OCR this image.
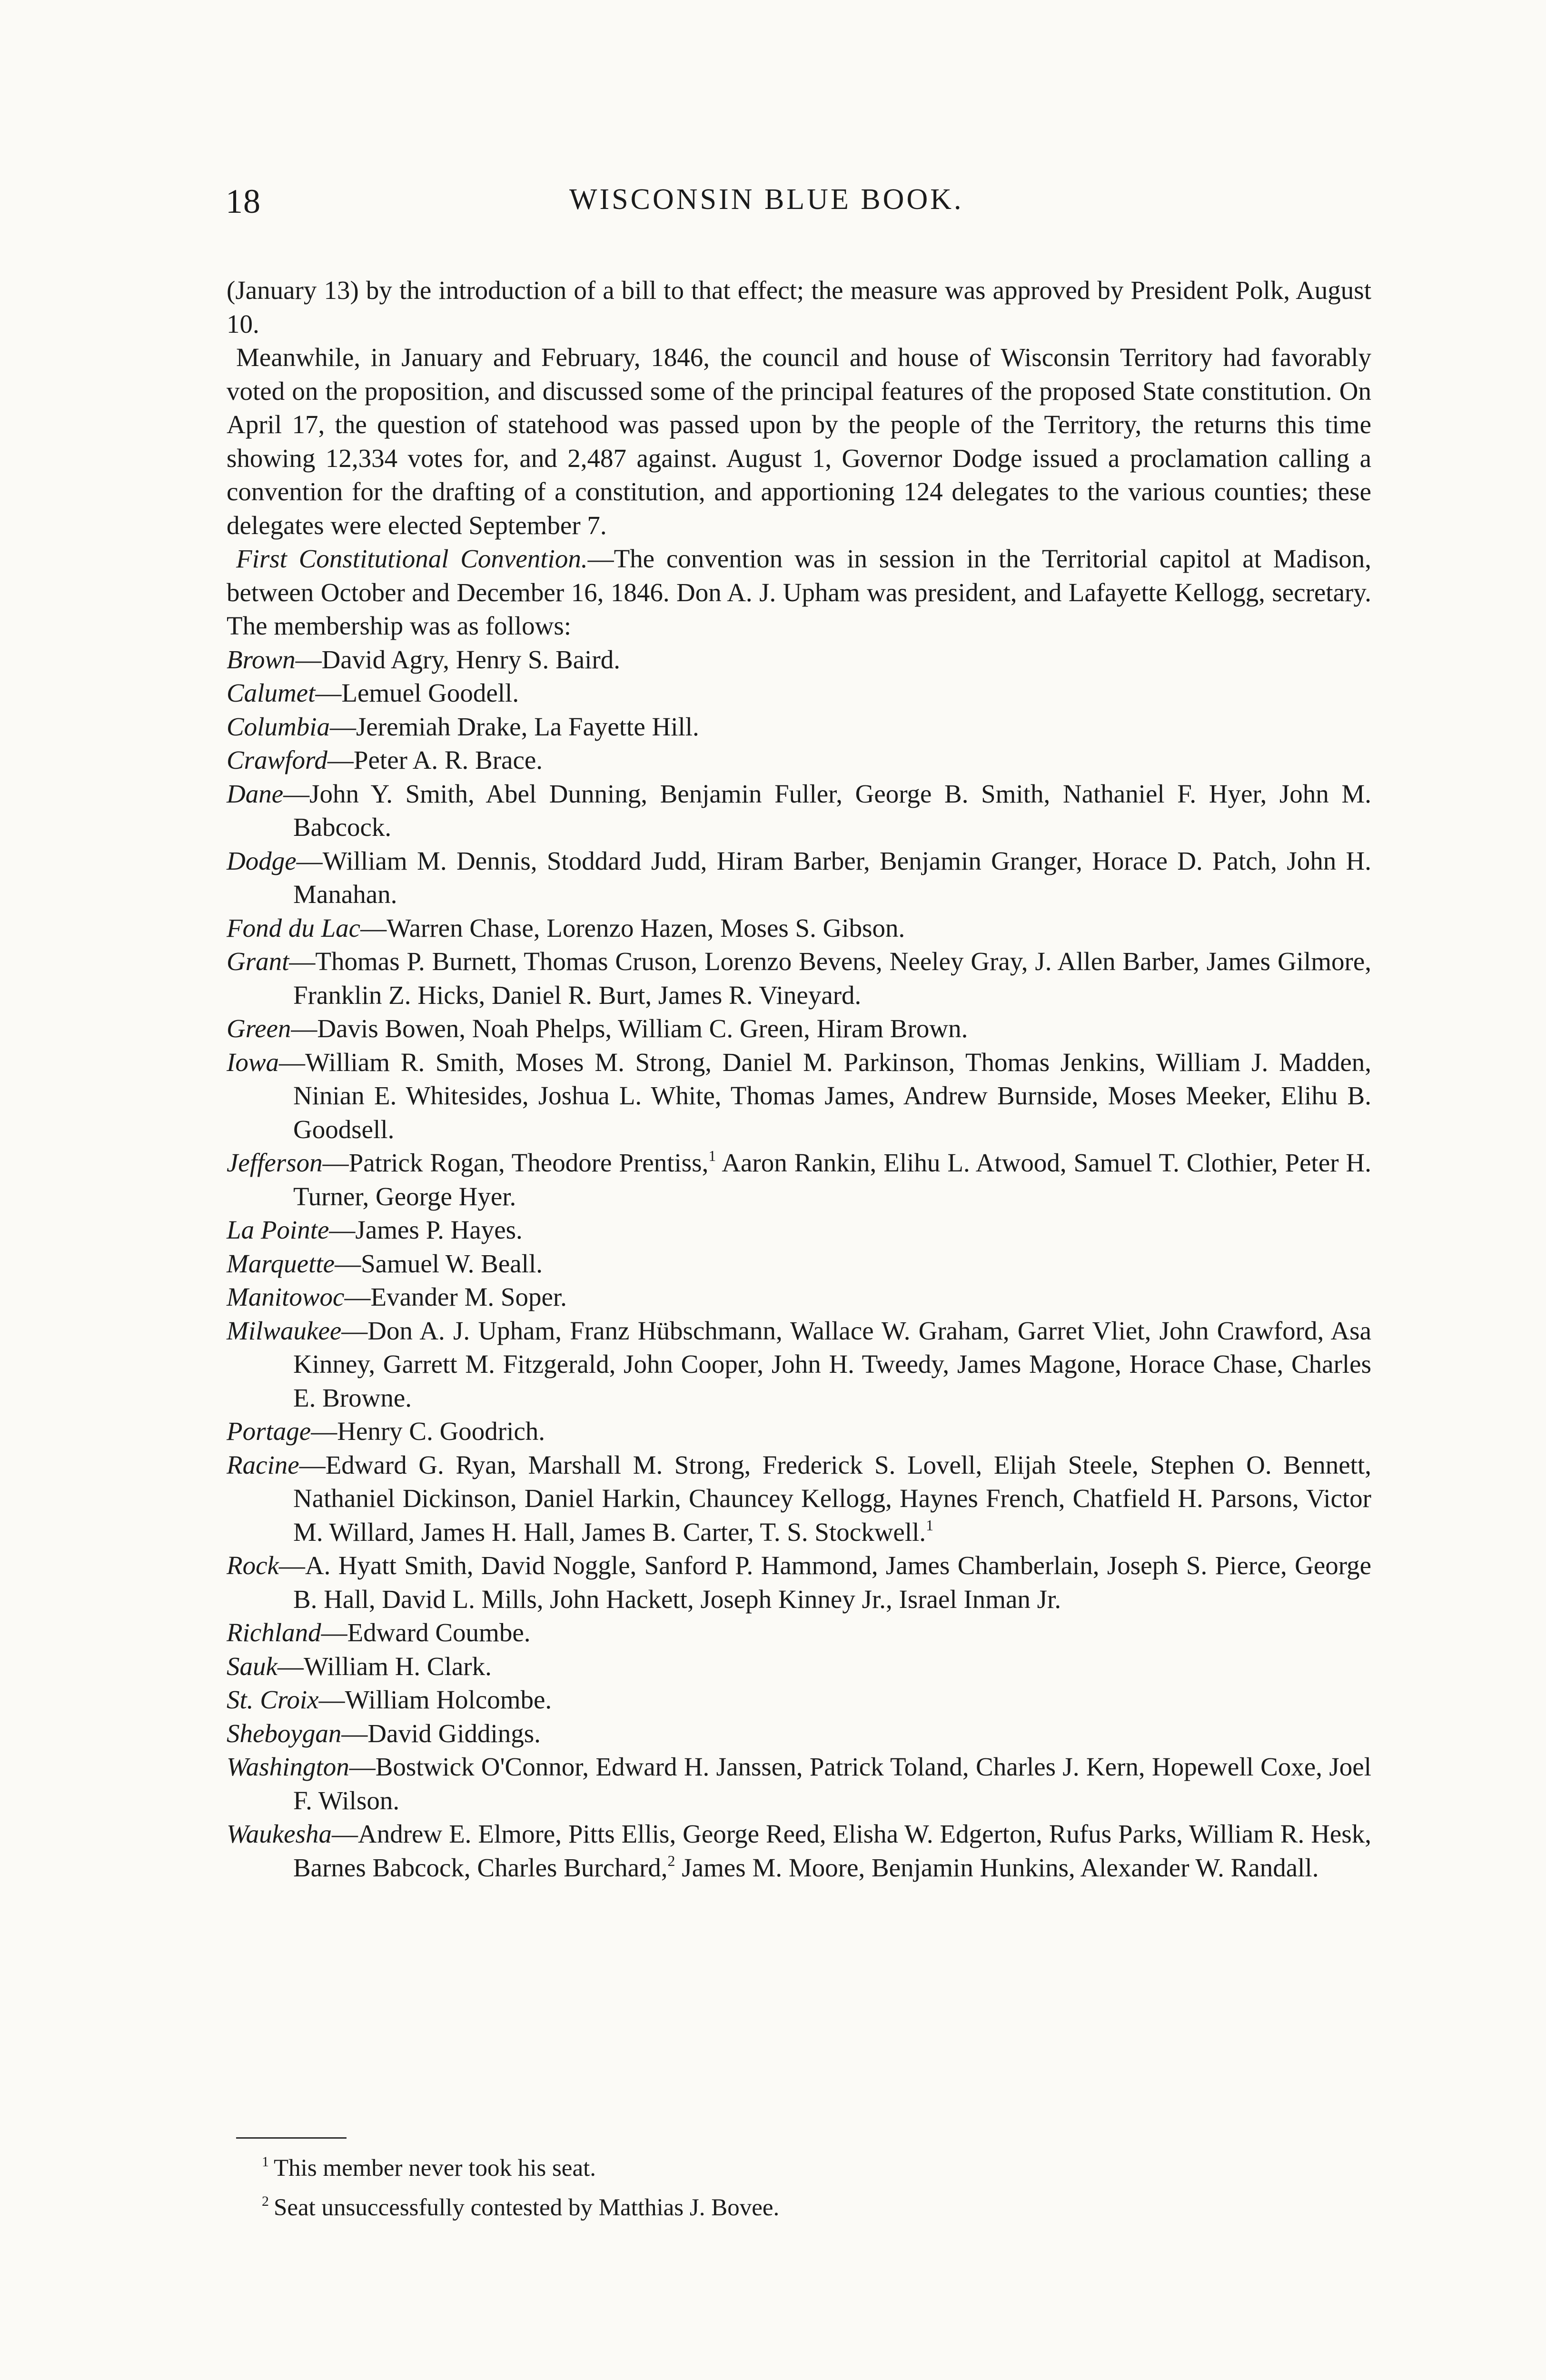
18	WISCONSIN BLUE BOOK.

(January 13) by the introduction of a bill to that effect; the measure was approved by President Polk, August 10.

Meanwhile, in January and February, 1846, the council and house of Wisconsin Territory had favorably voted on the proposition, and discussed some of the principal features of the proposed State constitution. On April 17, the question of statehood was passed upon by the people of the Territory, the returns this time showing 12,334 votes for, and 2,487 against. August 1, Governor Dodge issued a proclamation calling a convention for the drafting of a constitution, and apportioning 124 delegates to the various counties; these delegates were elected September 7.

First Constitutional Convention.—The convention was in session in the Territorial capitol at Madison, between October and December 16, 1846. Don A. J. Upham was president, and Lafayette Kellogg, secretary. The membership was as follows:

Brown—David Agry, Henry S. Baird.

Calumet—Lemuel Goodell.

Columbia—Jeremiah Drake, La Fayette Hill.

Crawford—Peter A. R. Brace.

Dane—John Y. Smith, Abel Dunning, Benjamin Fuller, George B. Smith, Nathaniel F. Hyer, John M. Babcock.

Dodge—William M. Dennis, Stoddard Judd, Hiram Barber, Benjamin Granger, Horace D. Patch, John H. Manahan.

Fond du Lac—Warren Chase, Lorenzo Hazen, Moses S. Gibson.

Grant—Thomas P. Burnett, Thomas Cruson, Lorenzo Bevens, Neeley Gray, J. Allen Barber, James Gilmore, Franklin Z. Hicks, Daniel R. Burt, James R. Vineyard.

Green—Davis Bowen, Noah Phelps, William C. Green, Hiram Brown.

Iowa—William R. Smith, Moses M. Strong, Daniel M. Parkinson, Thomas Jenkins, William J. Madden, Ninian E. Whitesides, Joshua L. White, Thomas James, Andrew Burnside, Moses Meeker, Elihu B. Goodsell.

Jefferson—Patrick Rogan, Theodore Prentiss,$^1$ Aaron Rankin, Elihu L. Atwood, Samuel T. Clothier, Peter H. Turner, George Hyer.

La Pointe—James P. Hayes.

Marquette—Samuel W. Beall.

Manitowoc—Evander M. Soper.

Milwaukee—Don A. J. Upham, Franz Hübschmann, Wallace W. Graham, Garret Vliet, John Crawford, Asa Kinney, Garrett M. Fitzgerald, John Cooper, John H. Tweedy, James Magone, Horace Chase, Charles E. Browne.

Portage—Henry C. Goodrich.

Racine—Edward G. Ryan, Marshall M. Strong, Frederick S. Lovell, Elijah Steele, Stephen O. Bennett, Nathaniel Dickinson, Daniel Harkin, Chauncey Kellogg, Haynes French, Chatfield H. Parsons, Victor M. Willard, James H. Hall, James B. Carter, T. S. Stockwell.$^1$

Rock—A. Hyatt Smith, David Noggle, Sanford P. Hammond, James Chamberlain, Joseph S. Pierce, George B. Hall, David L. Mills, John Hackett, Joseph Kinney Jr., Israel Inman Jr.

Richland—Edward Coumbe.

Sauk—William H. Clark.

St. Croix—William Holcombe.

Sheboygan—David Giddings.

Washington—Bostwick O'Connor, Edward H. Janssen, Patrick Toland, Charles J. Kern, Hopewell Coxe, Joel F. Wilson.

Waukesha—Andrew E. Elmore, Pitts Ellis, George Reed, Elisha W. Edgerton, Rufus Parks, William R. Hesk, Barnes Babcock, Charles Burchard,$^2$ James M. Moore, Benjamin Hunkins, Alexander W. Randall.

$^1$ This member never took his seat.

$^2$ Seat unsuccessfully contested by Matthias J. Bovee.
